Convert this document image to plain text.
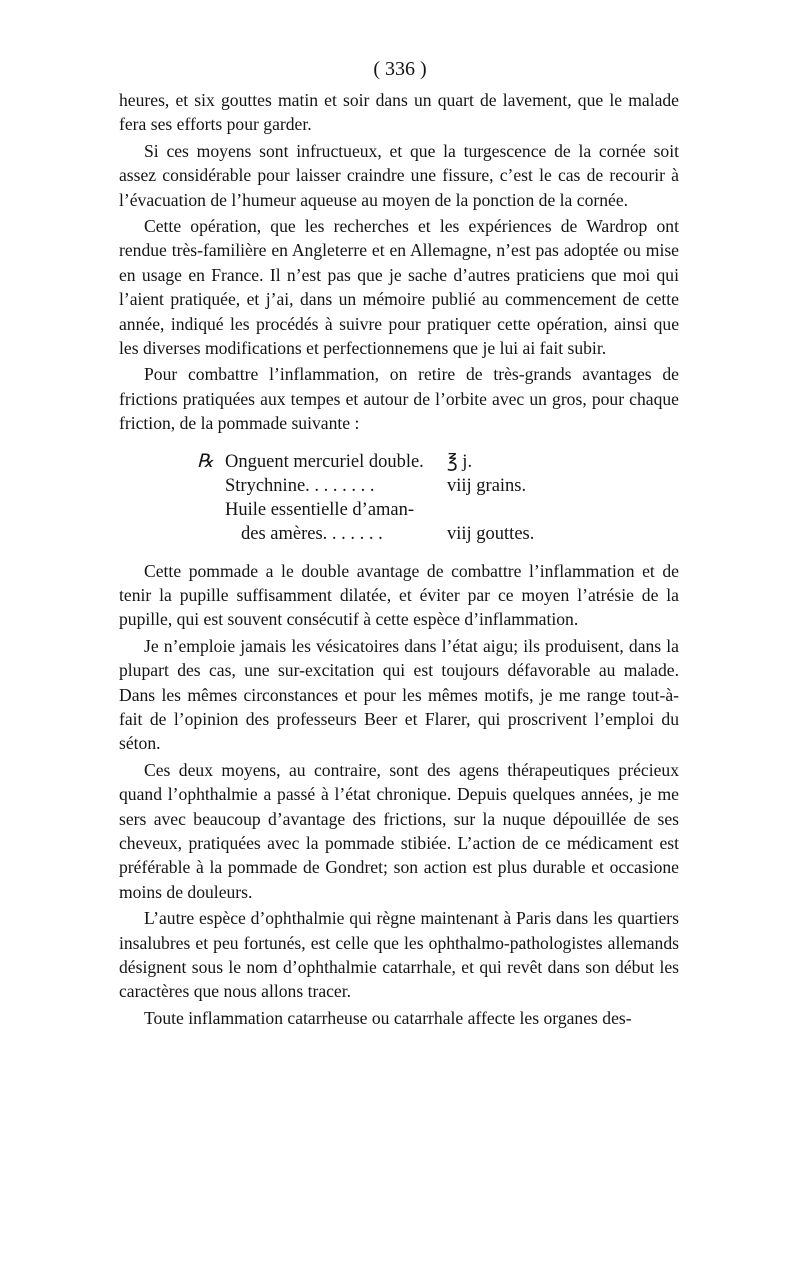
( 336 )

heures, et six gouttes matin et soir dans un quart de lavement, que le malade fera ses efforts pour garder.

Si ces moyens sont infructueux, et que la turgescence de la cornée soit assez considérable pour laisser craindre une fissure, c’est le cas de recourir à l’évacuation de l’humeur aqueuse au moyen de la ponction de la cornée.

Cette opération, que les recherches et les expériences de Wardrop ont rendue très-familière en Angleterre et en Allemagne, n’est pas adoptée ou mise en usage en France. Il n’est pas que je sache d’autres praticiens que moi qui l’aient pratiquée, et j’ai, dans un mémoire publié au commencement de cette année, indiqué les procédés à suivre pour pratiquer cette opération, ainsi que les diverses modifications et perfectionnemens que je lui ai fait subir.

Pour combattre l’inflammation, on retire de très-grands avantages de frictions pratiquées aux tempes et autour de l’orbite avec un gros, pour chaque friction, de la pommade suivante :

℞ Onguent mercuriel double.	℥ j.
Strychnine. . . . . . . .	viij grains.
Huile essentielle d’aman-
des amères. . . . . . .	viij gouttes.

Cette pommade a le double avantage de combattre l’inflammation et de tenir la pupille suffisamment dilatée, et éviter par ce moyen l’atrésie de la pupille, qui est souvent consécutif à cette espèce d’inflammation.

Je n’emploie jamais les vésicatoires dans l’état aigu; ils produisent, dans la plupart des cas, une sur-excitation qui est toujours défavorable au malade. Dans les mêmes circonstances et pour les mêmes motifs, je me range tout-à-fait de l’opinion des professeurs Beer et Flarer, qui proscrivent l’emploi du séton.

Ces deux moyens, au contraire, sont des agens thérapeutiques précieux quand l’ophthalmie a passé à l’état chronique. Depuis quelques années, je me sers avec beaucoup d’avantage des frictions, sur la nuque dépouillée de ses cheveux, pratiquées avec la pommade stibiée. L’action de ce médicament est préférable à la pommade de Gondret; son action est plus durable et occasione moins de douleurs.

L’autre espèce d’ophthalmie qui règne maintenant à Paris dans les quartiers insalubres et peu fortunés, est celle que les ophthalmo-pathologistes allemands désignent sous le nom d’ophthalmie catarrhale, et qui revêt dans son début les caractères que nous allons tracer.

Toute inflammation catarrheuse ou catarrhale affecte les organes des-
